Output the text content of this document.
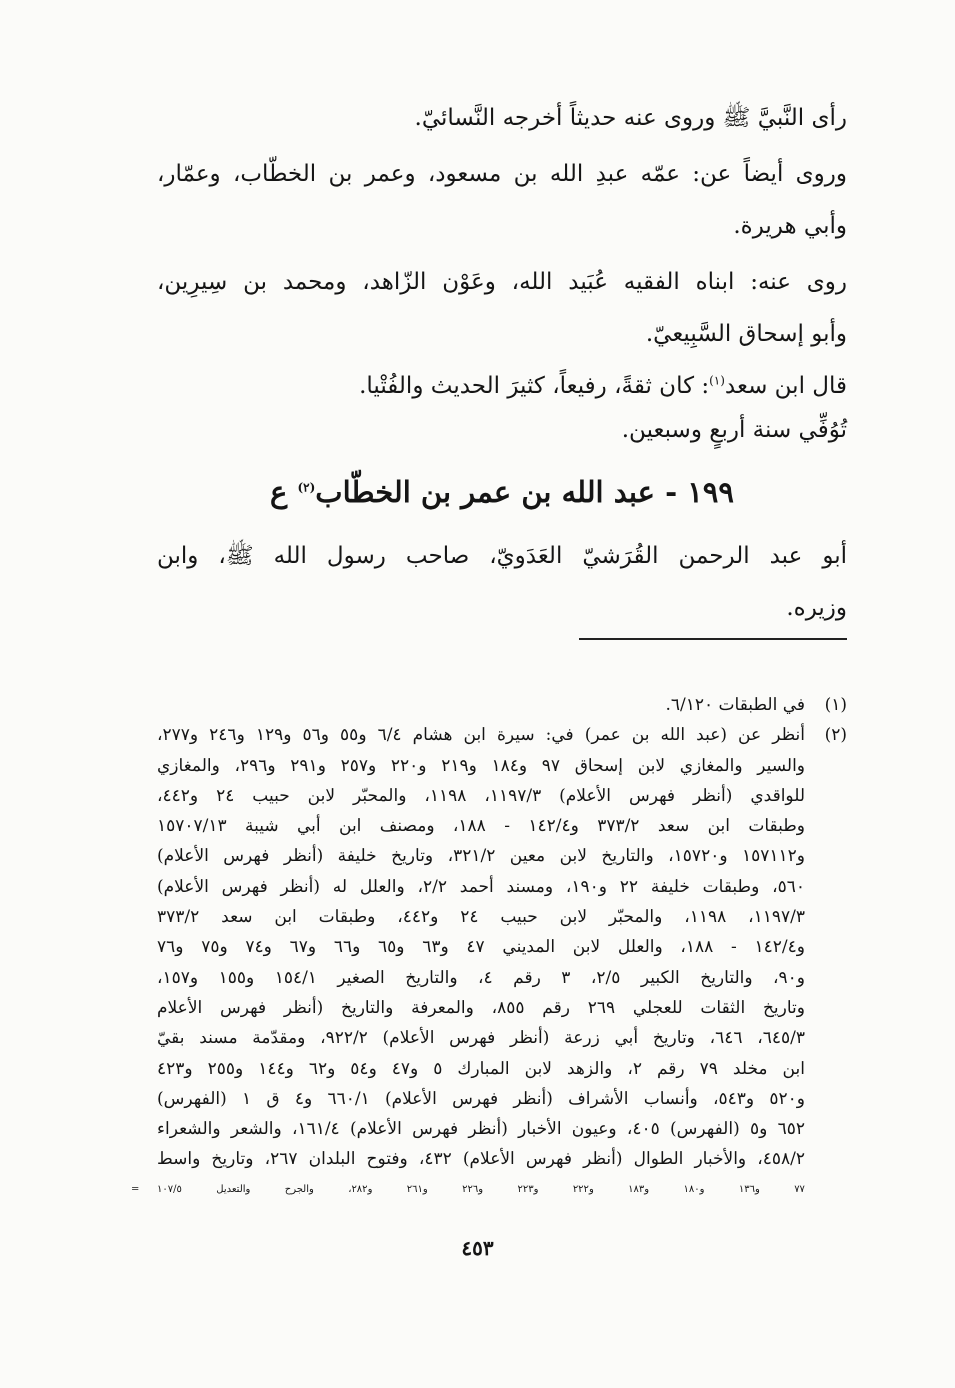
رأى النَّبيَّ ﷺ وروى عنه حديثاً أخرجه النَّسائيّ.
وروى أيضاً عن: عمّه عبدِ الله بن مسعود، وعمر بن الخطّاب، وعمّار،
وأبي هريرة.
روى عنه: ابناه الفقيه عُبَيد الله، وعَوْن الزّاهد، ومحمد بن سِيرِين،
وأبو إسحاق السَّبِيعيّ.
قال ابن سعد$^{(١)}$: كان ثقةً، رفيعاً، كثيرَ الحديث والفُتْيا.
تُوُفِّي سنة أربعٍ وسبعين.
١٩٩ - عبد الله بن عمر بن الخطّاب$^{(٢)}$ ع
أبو عبد الرحمن القُرَشيّ العَدَويّ، صاحب رسول الله ﷺ، وابن
وزيره.
(١)
في الطبقات ٦/١٢٠.
(٢)
أنظر عن (عبد الله بن عمر) في: سيرة ابن هشام ٦/٤ و٥٥ و٥٦ و١٢٩ و٢٤٦ و٢٧٧،
والسير والمغازي لابن إسحاق ٩٧ و١٨٤ و٢١٩ و٢٢٠ و٢٥٧ و٢٩١ و٢٩٦، والمغازي
للواقدي (أنظر فهرس الأعلام) ١١٩٧/٣، ١١٩٨، والمحبّر لابن حبيب ٢٤ و٤٤٢،
وطبقات ابن سعد ٣٧٣/٢ و١٤٢/٤ - ١٨٨، ومصنف ابن أبي شيبة ١٥٧٠٧/١٣
و١٥٧١١٢ و١٥٧٢٠، والتاريخ لابن معين ٣٢١/٢، وتاريخ خليفة (أنظر فهرس الأعلام)
٥٦٠، وطبقات خليفة ٢٢ و١٩٠، ومسند أحمد ٢/٢، والعلل له (أنظر فهرس الأعلام)
١١٩٧/٣، ١١٩٨، والمحبّر لابن حبيب ٢٤ و٤٤٢، وطبقات ابن سعد ٣٧٣/٢
و١٤٢/٤ - ١٨٨، والعلل لابن المديني ٤٧ و٦٣ و٦٥ و٦٦ و٦٧ و٧٤ و٧٥ و٧٦
و٩٠، والتاريخ الكبير ٢/٥، ٣ رقم ٤، والتاريخ الصغير ١٥٤/١ و١٥٥ و١٥٧،
وتاريخ الثقات للعجلي ٢٦٩ رقم ٨٥٥، والمعرفة والتاريخ (أنظر فهرس الأعلام
٦٤٥/٣، ٦٤٦، وتاريخ أبي زرعة (أنظر فهرس الأعلام) ٩٢٢/٢، ومقدّمة مسند بقيّ
ابن مخلد ٧٩ رقم ٢، والزهد لابن المبارك ٥ و٤٧ و٥٤ و٦٢ و١٤٤ و٢٥٥ و٤٢٣
و٥٢٠ و٥٤٣، وأنساب الأشراف (أنظر فهرس الأعلام) ٦٦٠/١ و٤ ق ١ (الفهرس)
٦٥٢ و٥ (الفهرس) ٤٠٥، وعيون الأخبار (أنظر فهرس الأعلام) ١٦١/٤، والشعر والشعراء
٤٥٨/٢، والأخبار الطوال (أنظر فهرس الأعلام) ٤٣٢، وفتوح البلدان ٢٦٧، وتاريخ واسط
٧٧ و١٣٦ و١٨٠ و١٨٣ و٢٢٢ و٢٢٣ و٢٢٦ و٢٦١ و٢٨٢، والجرح والتعديل ١٠٧/٥
=
٤٥٣
